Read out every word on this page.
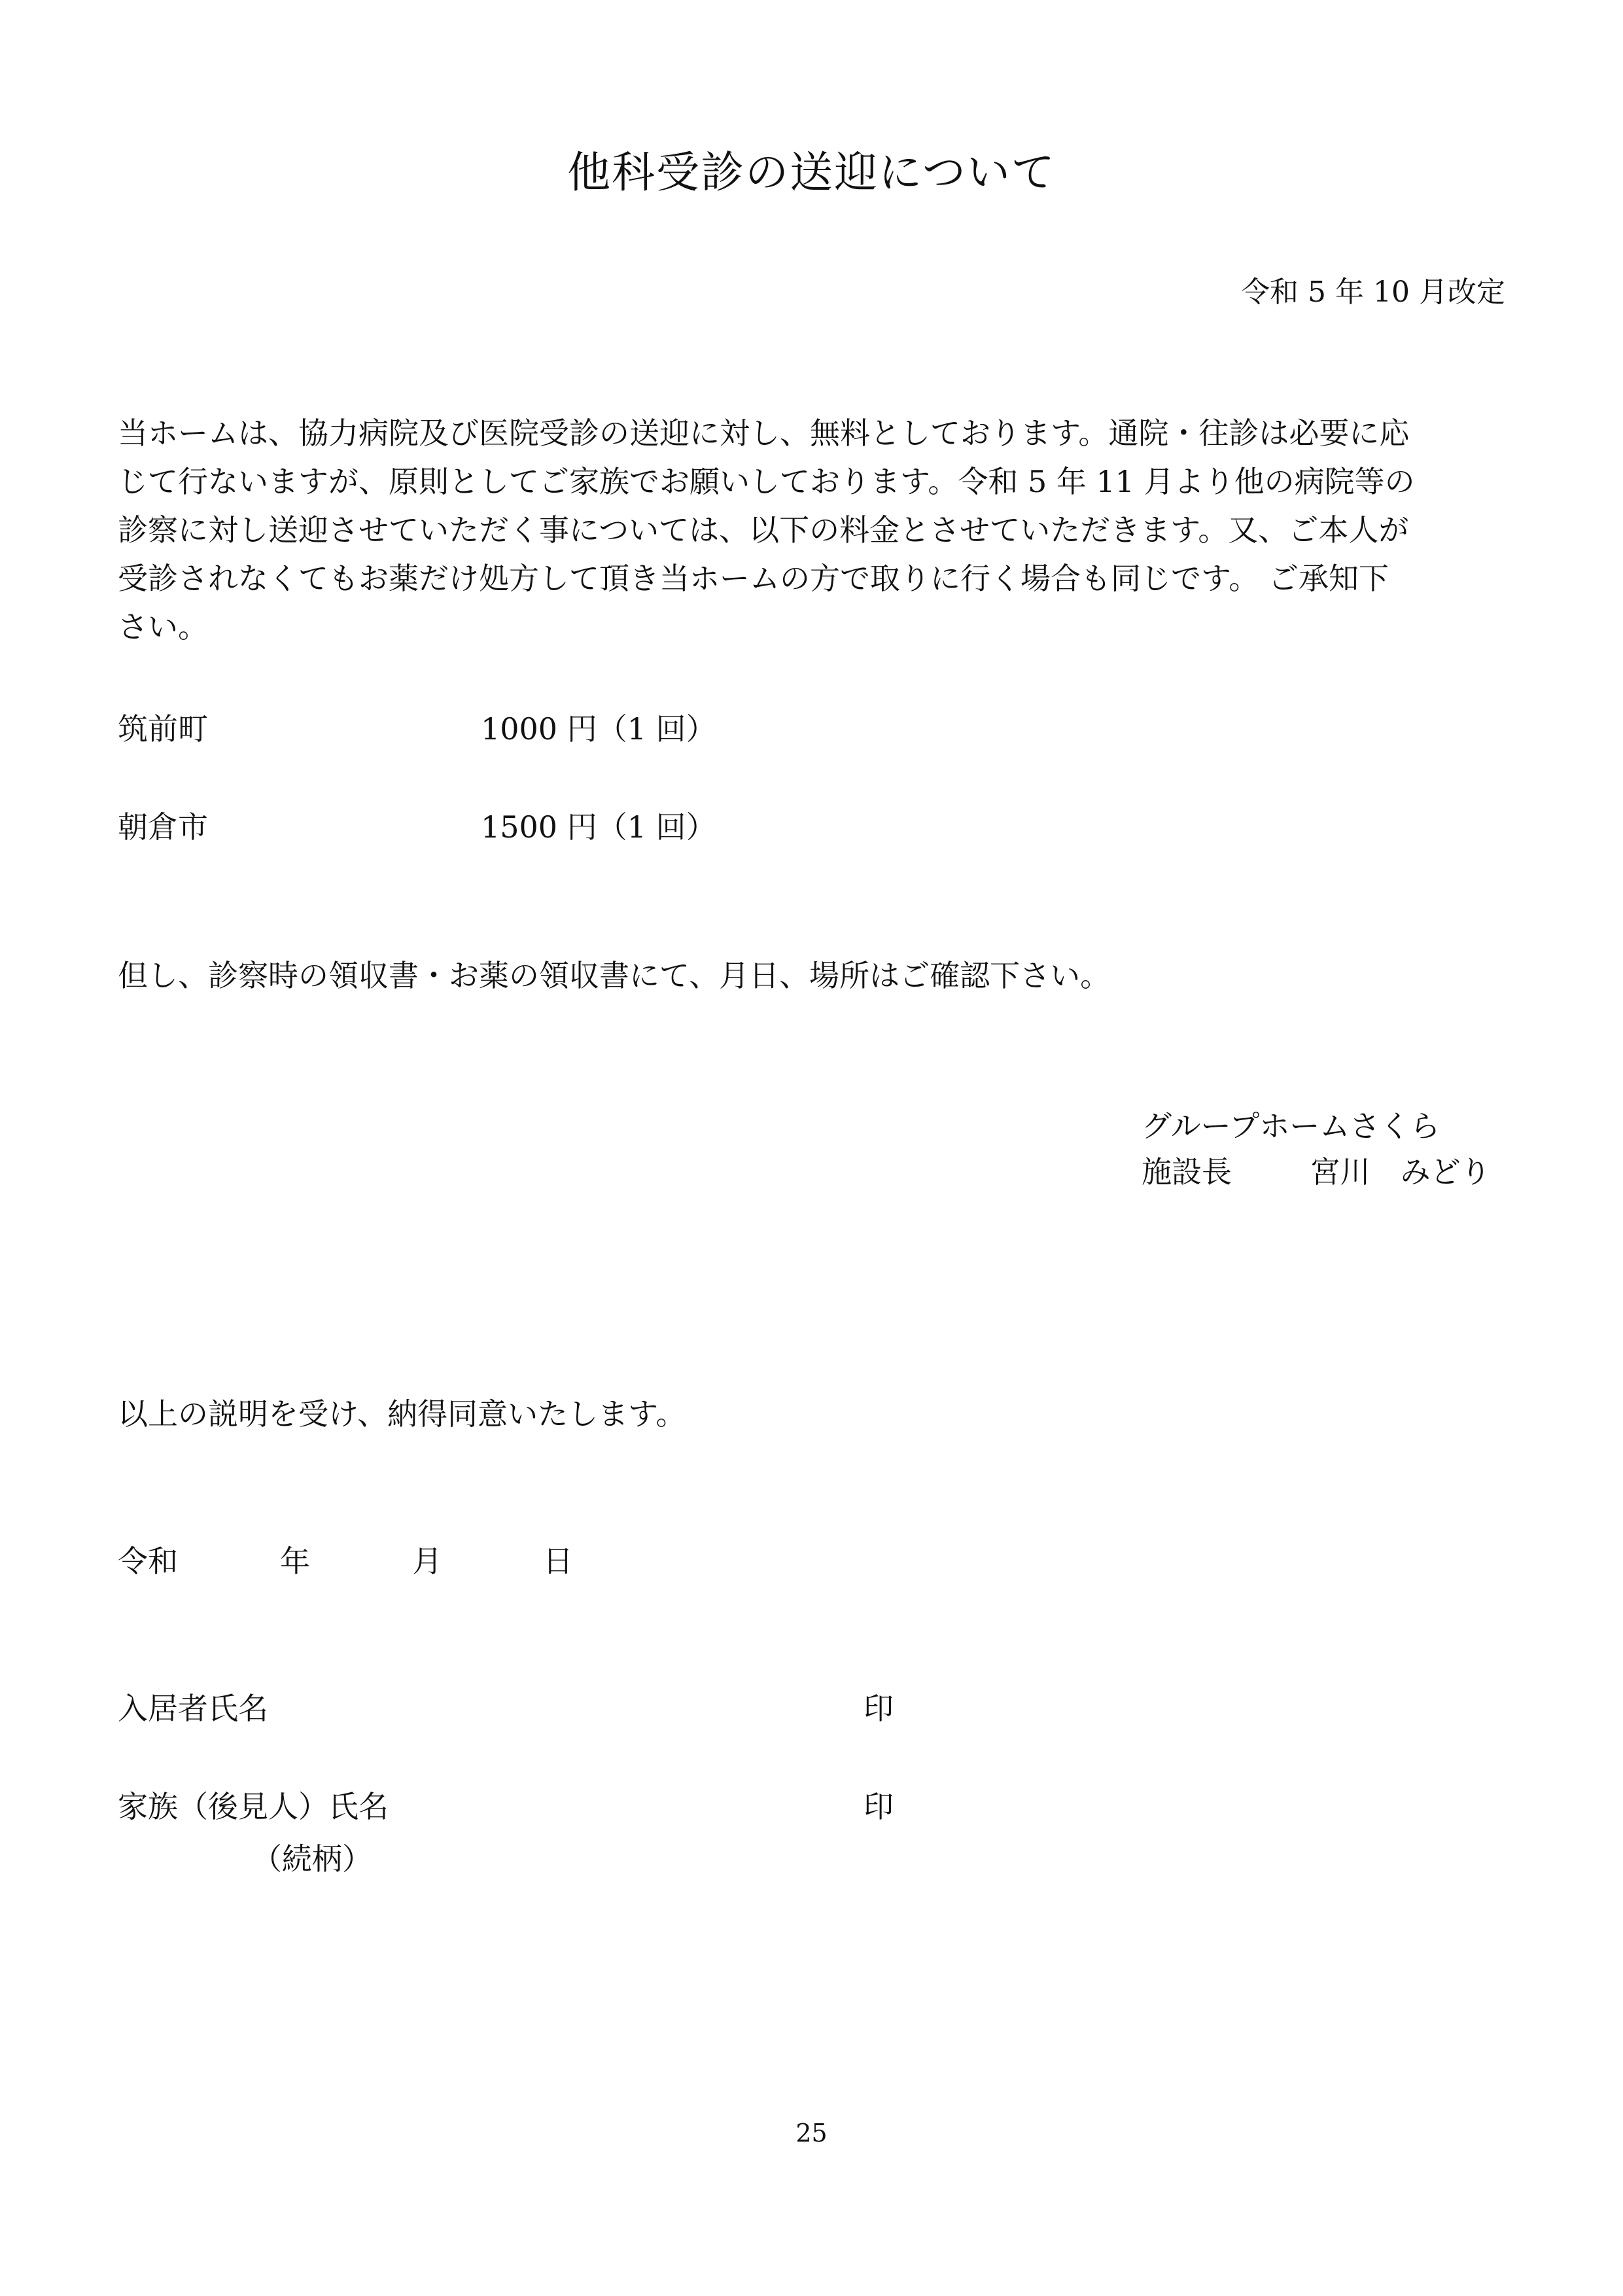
他科受診の送迎について
令和 5 年 10 月改定
当ホームは、協力病院及び医院受診の送迎に対し、無料としております。通院・往診は必要に応
じて行ないますが、原則としてご家族でお願いしております。令和 5 年 11 月より他の病院等の
診察に対し送迎させていただく事については、以下の料金とさせていただきます。又、ご本人が
受診されなくてもお薬だけ処方して頂き当ホームの方で取りに行く場合も同じです。 ご承知下
さい。
筑前町	1000 円（1 回）
朝倉市	1500 円（1 回）
但し、診察時の領収書・お薬の領収書にて、月日、場所はご確認下さい。
グループホームさくら
施設長	宮川　みどり
以上の説明を受け、納得同意いたします。
令和	年	月	日
入居者氏名	印
家族（後見人）氏名	印
（続柄）
25
